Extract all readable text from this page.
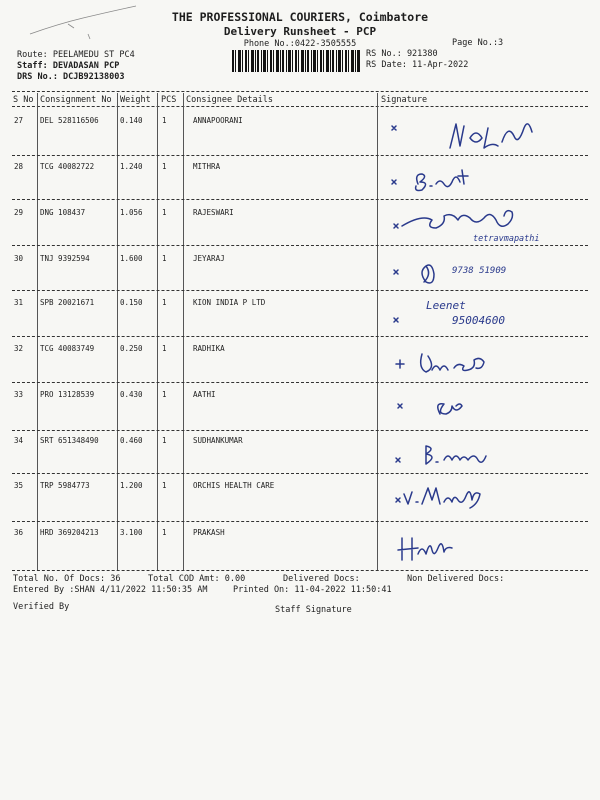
THE PROFESSIONAL COURIERS, Coimbatore
Delivery Runsheet - PCP
Phone No.:0422-3505555	Page No.:3
Route: PEELAMEDU ST PC4
Staff: DEVADASAN PCP
DRS No.: DCJB92138003
RS No.: 921380
RS Date: 11-Apr-2022
S No Consignment No Weight PCS Consignee Details	Signature
27 DEL 528116506	0.140	1	ANNAPOORANI
28 TCG 40082722	1.240	1	MITHRA
29 DNG 108437	1.056	1	RAJESWARI
tetravmapathi
30 TNJ 9392594	1.600	1	JEYARAJ
9738 51909
31 SPB 20021671	0.150	1	KION INDIA P LTD	Leenet
95004600
32 TCG 40083749	0.250	1	RADHIKA
33 PRO 13128539	0.430	1	AATHI
34 SRT 651348490	0.460	1	SUDHANKUMAR
35 TRP 5984773	1.200	1	ORCHIS HEALTH CARE
36 HRD 369204213	3.100	1	PRAKASH
Total No. Of Docs: 36	Total COD Amt: 0.00	Delivered Docs:	Non Delivered Docs:
Entered By :SHAN 4/11/2022 11:50:35 AM	Printed On: 11-04-2022 11:50:41
Verified By	Staff Signature
